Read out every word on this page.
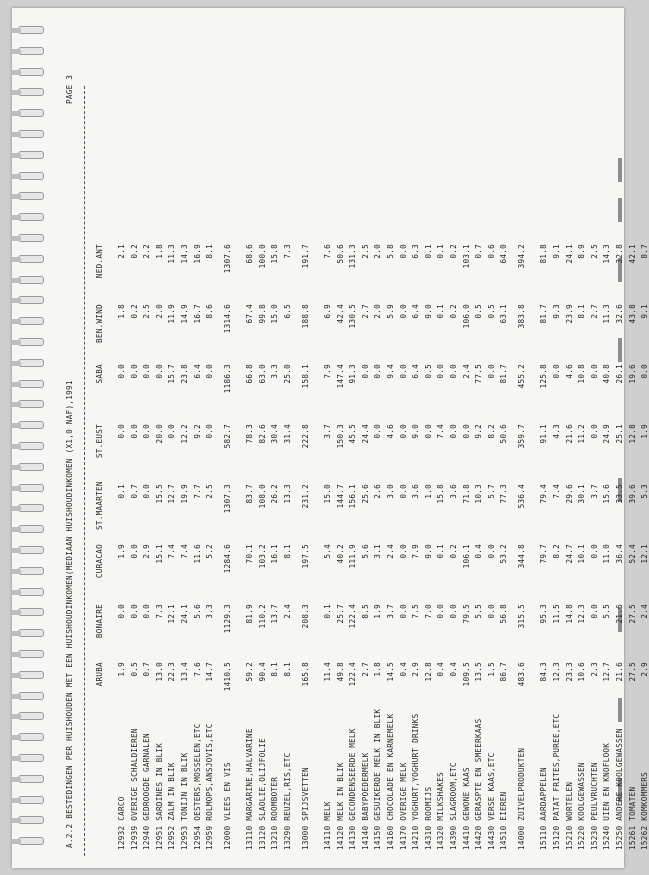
A.2.2 BESTEDINGEN PER HUISHOUDEN MET EEN HUISHOUDINKOMEN(MEDIAAN HUISHOUDINKOMEN (X1,0 NAF),1991
PAGE 3
ARUBA
BONAIRE
CURACAO
ST.MAARTEN
ST.EUST
SABA
BEN.WIND
NED.ANT
12932 CARCO
1.9
0.0
1.9
0.1
0.0
0.0
1.8
2.1
12939 OVERIGE SCHALDIEREN
0.5
0.0
0.0
0.7
0.0
0.0
0.2
0.2
12940 GEDROOGDE GARNALEN
0.7
0.0
2.9
0.0
0.0
0.0
2.5
2.2
12951 SARDINES IN BLIK
13.0
7.3
15.1
15.5
20.0
0.0
2.0
1.8
12952 ZALM IN BLIK
22.3
12.1
7.4
12.7
0.0
15.7
11.9
11.3
12953 TONIJN IN BLIK
13.4
24.1
7.4
19.9
12.2
23.8
14.9
14.3
12954 OESTERS,MOSSELEN,ETC
7.6
5.6
11.6
7.7
9.2
6.4
16.7
16.9
12959 ROLMOPS,ANSJOVIS,ETC
14.7
3.3
5.2
2.5
0.0
0.0
8.6
8.1
12000 VLEES EN VIS
1410.5
1129.3
1284.6
1307.3
582.7
1186.3
1314.6
1307.6
13110 MARGARINE,HALVARINE
59.2
81.9
70.1
83.7
78.3
66.8
67.4
68.6
13120 SLAOLIE,OLIJFOLIE
90.4
110.2
103.2
108.0
82.6
63.0
99.8
100.0
13210 ROOMBOTER
8.1
13.7
16.1
26.2
30.4
3.3
15.0
15.8
13290 REUZEL,RIS,ETC
8.1
2.4
8.1
13.3
31.4
25.0
6.5
7.3
13000 SPIJSVETTEN
165.8
208.3
197.5
231.2
222.8
158.1
188.8
191.7
14110 MELK
11.4
0.1
5.4
15.0
3.7
7.9
6.9
7.6
14120 MELK IN BLIK
49.8
25.7
40.2
144.7
150.3
147.4
42.4
50.6
14130 GECONDENSEERDE MELK
122.4
122.4
111.9
156.1
45.5
91.3
130.5
131.3
14140 BABYPOEDERMELK
2.7
8.5
5.6
25.6
24.4
0.0
2.7
2.5
14150 GESUIKERDE MELK IN BLIK
1.8
1.9
3.1
2.6
0.0
0.0
2.0
2.0
14160 CHOCOLADE EN KARNEMELK
14.5
3.7
2.4
3.0
4.6
9.4
5.9
5.8
14170 OVERIGE MELK
0.4
0.0
0.0
0.0
0.0
0.0
0.0
0.0
14210 YOGHURT,YOGHURT DRINKS
2.9
7.5
7.9
3.6
9.0
6.4
6.4
6.3
14310 ROOMIJS
12.8
7.0
9.0
1.0
0.0
0.5
9.0
0.1
14320 MILKSHAKES
0.4
0.0
0.1
15.8
7.4
0.0
0.1
0.1
14390 SLAGROOM,ETC
0.4
0.0
0.2
3.6
0.0
0.0
0.2
0.2
14410 GEWONE KAAS
109.5
79.5
106.1
71.8
0.0
2.4
106.0
103.1
14420 GERASPTE EN SMEERKAAS
13.5
5.5
0.4
10.3
9.2
77.5
0.5
0.7
14430 VERSE KAAS,ETC
1.5
0.0
0.0
5.7
8.2
0.0
0.5
0.6
14510 EIEREN
86.7
56.8
53.2
77.3
50.6
81.7
63.1
64.0
14000 ZUIVELPRODUKTEN
483.6
315.5
344.8
536.4
359.7
455.2
383.8
394.2
15110 AARDAPPELEN
84.3
95.3
79.7
79.4
91.1
125.8
81.7
81.8
15120 PATAT FRITES,PUREE,ETC
12.3
11.5
8.2
7.4
4.3
0.0
9.3
9.1
15210 WORTELEN
23.3
14.8
24.7
29.6
21.6
4.6
23.9
24.1
15220 KOOLGEWASSEN
10.6
12.3
10.1
30.1
11.2
10.8
8.1
8.9
15230 PEULVRUCHTEN
2.3
0.0
0.0
3.7
0.0
0.0
2.7
2.5
15240 UIEN EN KNOFLOOK
12.7
5.5
11.0
15.6
24.9
40.8
11.3
14.3
15250 ANDERE KOOLGEWASSEN
21.6
21.6
36.4
33.5
25.1
26.1
32.6
32.8
15261 TOMATEN
27.5
27.5
52.4
39.6
12.8
19.6
43.8
42.1
15262 KOMKOMMERS
2.9
2.4
12.1
5.3
1.9
0.0
9.1
8.7
